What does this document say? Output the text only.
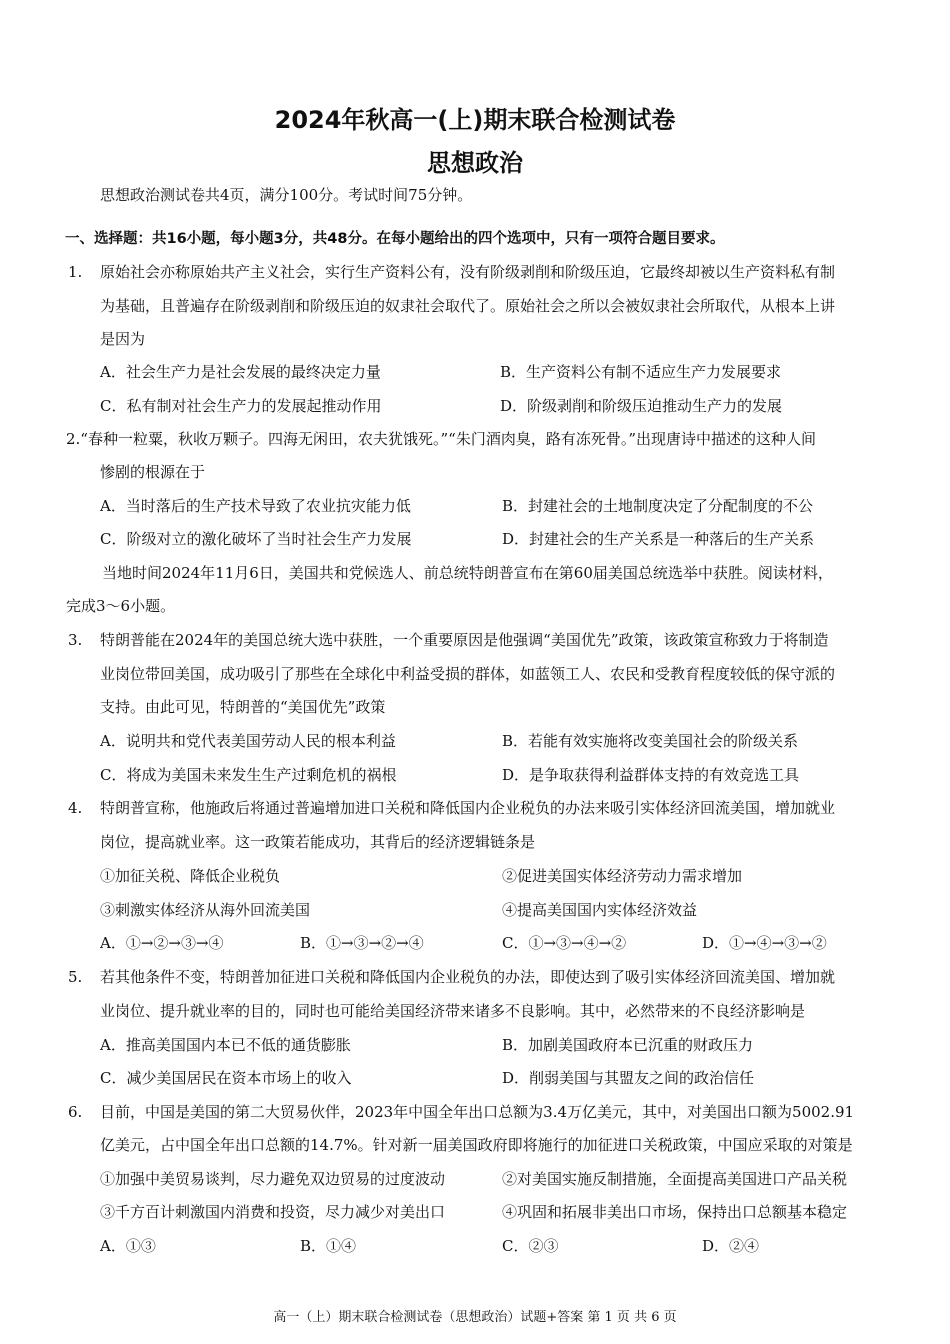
2024年秋高一(上)期末联合检测试卷
思想政治
思想政治测试卷共4页，满分100分。考试时间75分钟。
一、选择题：共16小题，每小题3分，共48分。在每小题给出的四个选项中，只有一项符合题目要求。
1. 原始社会亦称原始共产主义社会，实行生产资料公有，没有阶级剥削和阶级压迫，它最终却被以生产资料私有制
为基础，且普遍存在阶级剥削和阶级压迫的奴隶社会取代了。原始社会之所以会被奴隶社会所取代，从根本上讲
是因为
A．社会生产力是社会发展的最终决定力量	B．生产资料公有制不适应生产力发展要求
C．私有制对社会生产力的发展起推动作用	D．阶级剥削和阶级压迫推动生产力的发展
2.“春种一粒粟，秋收万颗子。四海无闲田，农夫犹饿死。”“朱门酒肉臭，路有冻死骨。”出现唐诗中描述的这种人间
惨剧的根源在于
A．当时落后的生产技术导致了农业抗灾能力低	B．封建社会的土地制度决定了分配制度的不公
C．阶级对立的激化破坏了当时社会生产力发展	D．封建社会的生产关系是一种落后的生产关系
当地时间2024年11月6日，美国共和党候选人、前总统特朗普宣布在第60届美国总统选举中获胜。阅读材料，
完成3～6小题。
3. 特朗普能在2024年的美国总统大选中获胜，一个重要原因是他强调“美国优先”政策，该政策宣称致力于将制造
业岗位带回美国，成功吸引了那些在全球化中利益受损的群体，如蓝领工人、农民和受教育程度较低的保守派的
支持。由此可见，特朗普的“美国优先”政策
A．说明共和党代表美国劳动人民的根本利益	B．若能有效实施将改变美国社会的阶级关系
C．将成为美国未来发生生产过剩危机的祸根	D．是争取获得利益群体支持的有效竞选工具
4. 特朗普宣称，他施政后将通过普遍增加进口关税和降低国内企业税负的办法来吸引实体经济回流美国，增加就业
岗位，提高就业率。这一政策若能成功，其背后的经济逻辑链条是
①加征关税、降低企业税负	②促进美国实体经济劳动力需求增加
③刺激实体经济从海外回流美国	④提高美国国内实体经济效益
A．①→②→③→④	B．①→③→②→④	C．①→③→④→②	D．①→④→③→②
5. 若其他条件不变，特朗普加征进口关税和降低国内企业税负的办法，即使达到了吸引实体经济回流美国、增加就
业岗位、提升就业率的目的，同时也可能给美国经济带来诸多不良影响。其中，必然带来的不良经济影响是
A．推高美国国内本已不低的通货膨胀	B．加剧美国政府本已沉重的财政压力
C．减少美国居民在资本市场上的收入	D．削弱美国与其盟友之间的政治信任
6. 目前，中国是美国的第二大贸易伙伴，2023年中国全年出口总额为3.4万亿美元，其中，对美国出口额为5002.91
亿美元，占中国全年出口总额的14.7%。针对新一届美国政府即将施行的加征进口关税政策，中国应采取的对策是
①加强中美贸易谈判，尽力避免双边贸易的过度波动	②对美国实施反制措施，全面提高美国进口产品关税
③千方百计刺激国内消费和投资，尽力减少对美出口	④巩固和拓展非美出口市场，保持出口总额基本稳定
A．①③	B．①④	C．②③	D．②④
高一（上）期末联合检测试卷（思想政治）试题+答案 第 1 页 共 6 页
